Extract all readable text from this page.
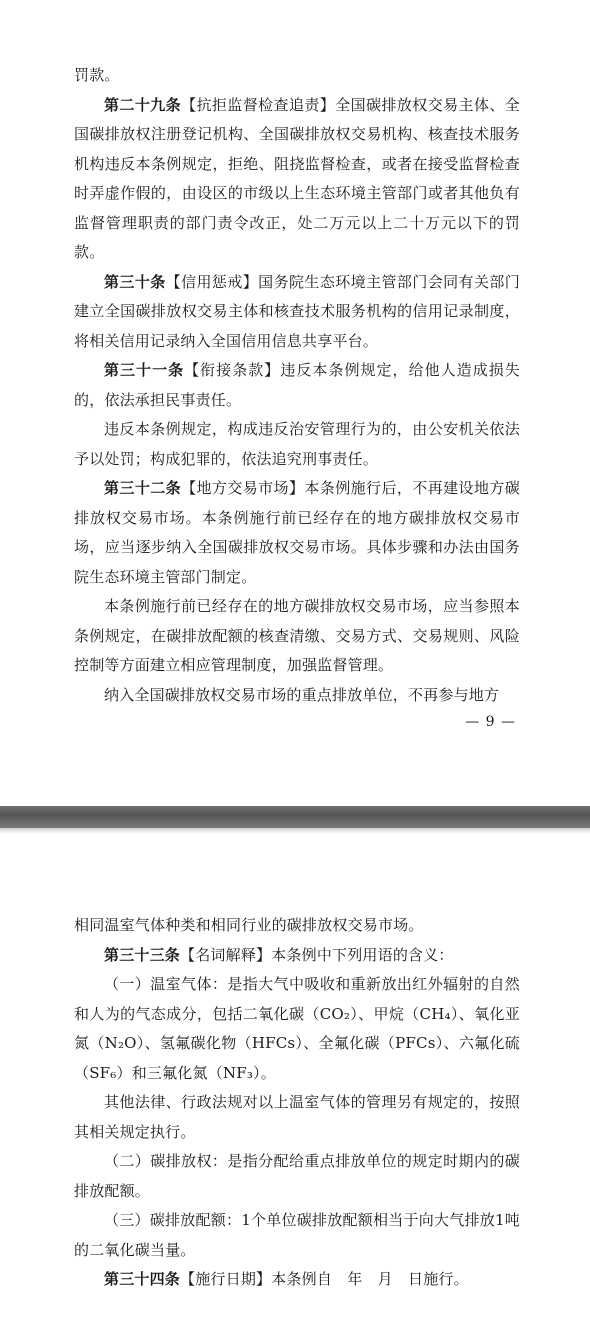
罚款。

第二十九条【抗拒监督检查追责】全国碳排放权交易主体、全国碳排放权注册登记机构、全国碳排放权交易机构、核查技术服务机构违反本条例规定，拒绝、阻挠监督检查，或者在接受监督检查时弄虚作假的，由设区的市级以上生态环境主管部门或者其他负有监督管理职责的部门责令改正，处二万元以上二十万元以下的罚款。

第三十条【信用惩戒】国务院生态环境主管部门会同有关部门建立全国碳排放权交易主体和核查技术服务机构的信用记录制度，将相关信用记录纳入全国信用信息共享平台。

第三十一条【衔接条款】违反本条例规定，给他人造成损失的，依法承担民事责任。

违反本条例规定，构成违反治安管理行为的，由公安机关依法予以处罚；构成犯罪的，依法追究刑事责任。

第三十二条【地方交易市场】本条例施行后，不再建设地方碳排放权交易市场。本条例施行前已经存在的地方碳排放权交易市场，应当逐步纳入全国碳排放权交易市场。具体步骤和办法由国务院生态环境主管部门制定。

本条例施行前已经存在的地方碳排放权交易市场，应当参照本条例规定，在碳排放配额的核查清缴、交易方式、交易规则、风险控制等方面建立相应管理制度，加强监督管理。

纳入全国碳排放权交易市场的重点排放单位，不再参与地方

— 9 —

相同温室气体种类和相同行业的碳排放权交易市场。

第三十三条【名词解释】本条例中下列用语的含义：

（一）温室气体：是指大气中吸收和重新放出红外辐射的自然和人为的气态成分，包括二氧化碳（CO₂）、甲烷（CH₄）、氧化亚氮（N₂O）、氢氟碳化物（HFCs）、全氟化碳（PFCs）、六氟化硫（SF₆）和三氟化氮（NF₃）。

其他法律、行政法规对以上温室气体的管理另有规定的，按照其相关规定执行。

（二）碳排放权：是指分配给重点排放单位的规定时期内的碳排放配额。

（三）碳排放配额：1个单位碳排放配额相当于向大气排放1吨的二氧化碳当量。

第三十四条【施行日期】本条例自　年　月　日施行。
